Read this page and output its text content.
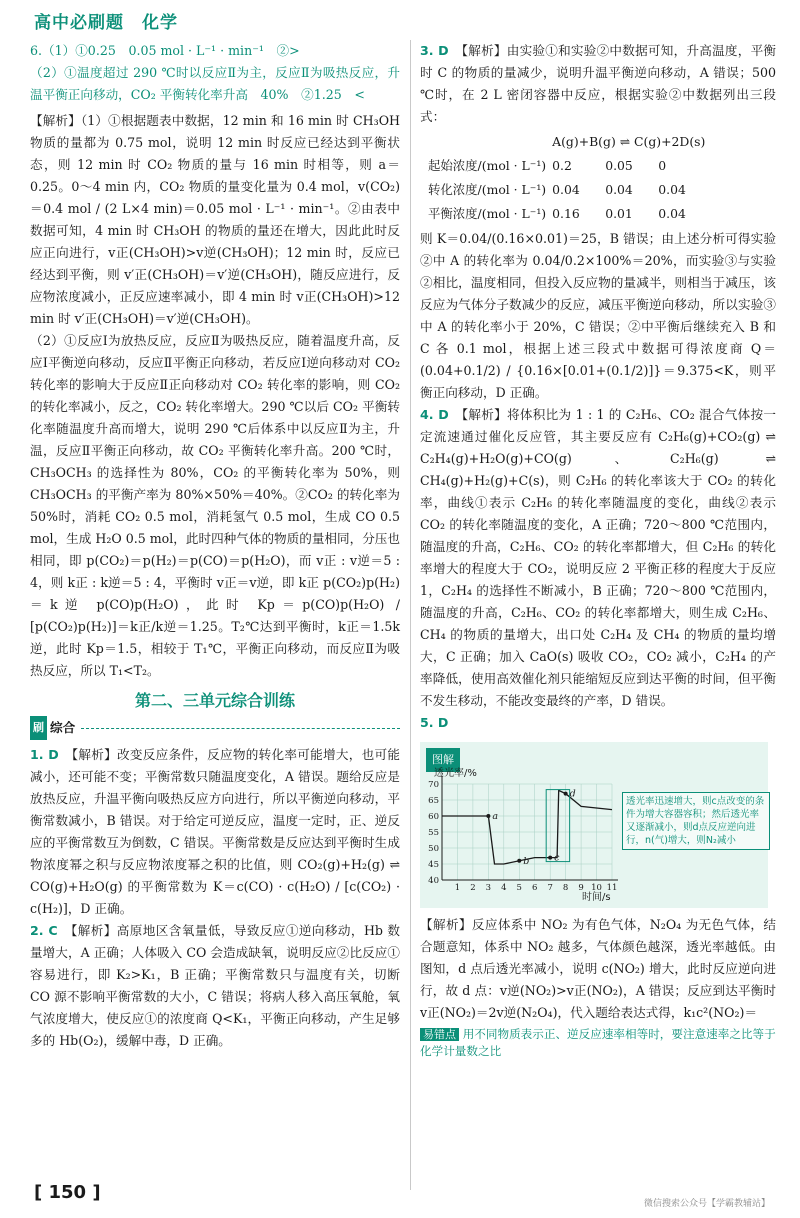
高中必刷题　化学

6.（1）①0.25　0.05 mol · L⁻¹ · min⁻¹　②>

（2）①温度超过 290 ℃时以反应Ⅱ为主，反应Ⅱ为吸热反应，升温平衡正向移动，CO₂ 平衡转化率升高　40%　②1.25　<

【解析】（1）①根据题表中数据，12 min 和 16 min 时 CH₃OH 物质的量都为 0.75 mol，说明 12 min 时反应已经达到平衡状态，则 12 min 时 CO₂ 物质的量与 16 min 时相等，则 a＝0.25。0～4 min 内，CO₂ 物质的量变化量为 0.4 mol，v(CO₂)＝0.4 mol / (2 L×4 min)＝0.05 mol · L⁻¹ · min⁻¹。②由表中数据可知，4 min 时 CH₃OH 的物质的量还在增大，因此此时反应正向进行，v正(CH₃OH)>v逆(CH₃OH)；12 min 时，反应已经达到平衡，则 v′正(CH₃OH)＝v′逆(CH₃OH)，随反应进行，反应物浓度减小，正反应速率减小，即 4 min 时 v正(CH₃OH)>12 min 时 v′正(CH₃OH)＝v′逆(CH₃OH)。

（2）①反应Ⅰ为放热反应，反应Ⅱ为吸热反应，随着温度升高，反应Ⅰ平衡逆向移动，反应Ⅱ平衡正向移动，若反应Ⅰ逆向移动对 CO₂ 转化率的影响大于反应Ⅱ正向移动对 CO₂ 转化率的影响，则 CO₂ 的转化率减小，反之，CO₂ 转化率增大。290 ℃以后 CO₂ 平衡转化率随温度升高而增大，说明 290 ℃后体系中以反应Ⅱ为主，升温，反应Ⅱ平衡正向移动，故 CO₂ 平衡转化率升高。200 ℃时，CH₃OCH₃ 的选择性为 80%，CO₂ 的平衡转化率为 50%，则 CH₃OCH₃ 的平衡产率为 80%×50%＝40%。②CO₂ 的转化率为 50%时，消耗 CO₂ 0.5 mol，消耗氢气 0.5 mol，生成 CO 0.5 mol，生成 H₂O 0.5 mol，此时四种气体的物质的量相同，分压也相同，即 p(CO₂)＝p(H₂)＝p(CO)＝p(H₂O)，而 v正 : v逆＝5 : 4，则 k正 : k逆＝5 : 4，平衡时 v正＝v逆，即 k正 p(CO₂)p(H₂)＝k逆 p(CO)p(H₂O)，此时 Kp＝p(CO)p(H₂O) / [p(CO₂)p(H₂)]＝k正/k逆＝1.25。T₂℃达到平衡时，k正＝1.5k逆，此时 Kp＝1.5，相较于 T₁℃，平衡正向移动，而反应Ⅱ为吸热反应，所以 T₁<T₂。

第二、三单元综合训练
刷 综合

1. D　 【解析】改变反应条件，反应物的转化率可能增大，也可能减小，还可能不变；平衡常数只随温度变化，A 错误。题给反应是放热反应，升温平衡向吸热反应方向进行，所以平衡逆向移动，平衡常数减小，B 错误。对于给定可逆反应，温度一定时，正、逆反应的平衡常数互为倒数，C 错误。平衡常数是反应达到平衡时生成物浓度幂之积与反应物浓度幂之积的比值，则 CO₂(g)+H₂(g) ⇌ CO(g)+H₂O(g) 的平衡常数为 K＝c(CO) · c(H₂O) / [c(CO₂) · c(H₂)]，D 正确。

2. C　 【解析】高原地区含氧量低，导致反应①逆向移动，Hb 数量增大，A 正确；人体吸入 CO 会造成缺氧，说明反应②比反应①容易进行，即 K₂>K₁，B 正确；平衡常数只与温度有关，切断 CO 源不影响平衡常数的大小，C 错误；将病人移入高压氧舱，氧气浓度增大，使反应①的浓度商 Q<K₁，平衡正向移动，产生足够多的 Hb(O₂)，缓解中毒，D 正确。

3. D　 【解析】由实验①和实验②中数据可知，升高温度，平衡时 C 的物质的量减少，说明升温平衡逆向移动，A 错误；500 ℃时，在 2 L 密闭容器中反应，根据实验②中数据列出三段式：

	A(g)+B(g) ⇌ C(g)+2D(s)		
起始浓度/(mol · L⁻¹)	0.2	0.05	0
转化浓度/(mol · L⁻¹)	0.04	0.04	0.04
平衡浓度/(mol · L⁻¹)	0.16	0.01	0.04

则 K＝0.04/(0.16×0.01)＝25，B 错误；由上述分析可得实验②中 A 的转化率为 0.04/0.2×100%＝20%，而实验③与实验②相比，温度相同，但投入反应物的量减半，则相当于减压，该反应为气体分子数减少的反应，减压平衡逆向移动，所以实验③中 A 的转化率小于 20%，C 错误；②中平衡后继续充入 B 和 C 各 0.1 mol，根据上述三段式中数据可得浓度商 Q＝(0.04+0.1/2) / {0.16×[0.01+(0.1/2)]}＝9.375<K，则平衡正向移动，D 正确。

4. D　 【解析】将体积比为 1 : 1 的 C₂H₆、CO₂ 混合气体按一定流速通过催化反应管，其主要反应有 C₂H₆(g)+CO₂(g) ⇌ C₂H₄(g)+H₂O(g)+CO(g)、C₂H₆(g) ⇌ CH₄(g)+H₂(g)+C(s)，则 C₂H₆ 的转化率该大于 CO₂ 的转化率，曲线①表示 C₂H₆ 的转化率随温度的变化，曲线②表示 CO₂ 的转化率随温度的变化，A 正确；720～800 ℃范围内，随温度的升高，C₂H₆、CO₂ 的转化率都增大，但 C₂H₆ 的转化率增大的程度大于 CO₂，说明反应 2 平衡正移的程度大于反应 1，C₂H₄ 的选择性不断减小，B 正确；720～800 ℃范围内，随温度的升高，C₂H₆、CO₂ 的转化率都增大，则生成 C₂H₆、CH₄ 的物质的量增大，出口处 C₂H₄ 及 CH₄ 的物质的量均增大，C 正确；加入 CaO(s) 吸收 CO₂，CO₂ 减小，C₂H₄ 的产率降低，使用高效催化剂只能缩短反应到达平衡的时间，但平衡不发生移动，不能改变最终的产率，D 错误。

5. D

图解
透光率/%
时间/s
40
45
50
55
60
65
70
1 2 3 4 5 6 7 8 9 10 11
a
b	c
d
透光率迅速增大，则c点改变的条件为增大容器容积；然后透光率又逐渐减小，则d点反应逆向进行，n(气)增大，则N₂减小

【解析】反应体系中 NO₂ 为有色气体，N₂O₄ 为无色气体，结合题意知，体系中 NO₂ 越多，气体颜色越深，透光率越低。由图知，d 点后透光率减小，说明 c(NO₂) 增大，此时反应逆向进行，故 d 点：v逆(NO₂)>v正(NO₂)，A 错误；反应到达平衡时 v正(NO₂)＝2v逆(N₂O₄)，代入题给表达式得，k₁c²(NO₂)＝

易错点 用不同物质表示正、逆反应速率相等时，要注意速率之比等于化学计量数之比
[ 150 ]
微信搜索公众号【学霸教辅站】
